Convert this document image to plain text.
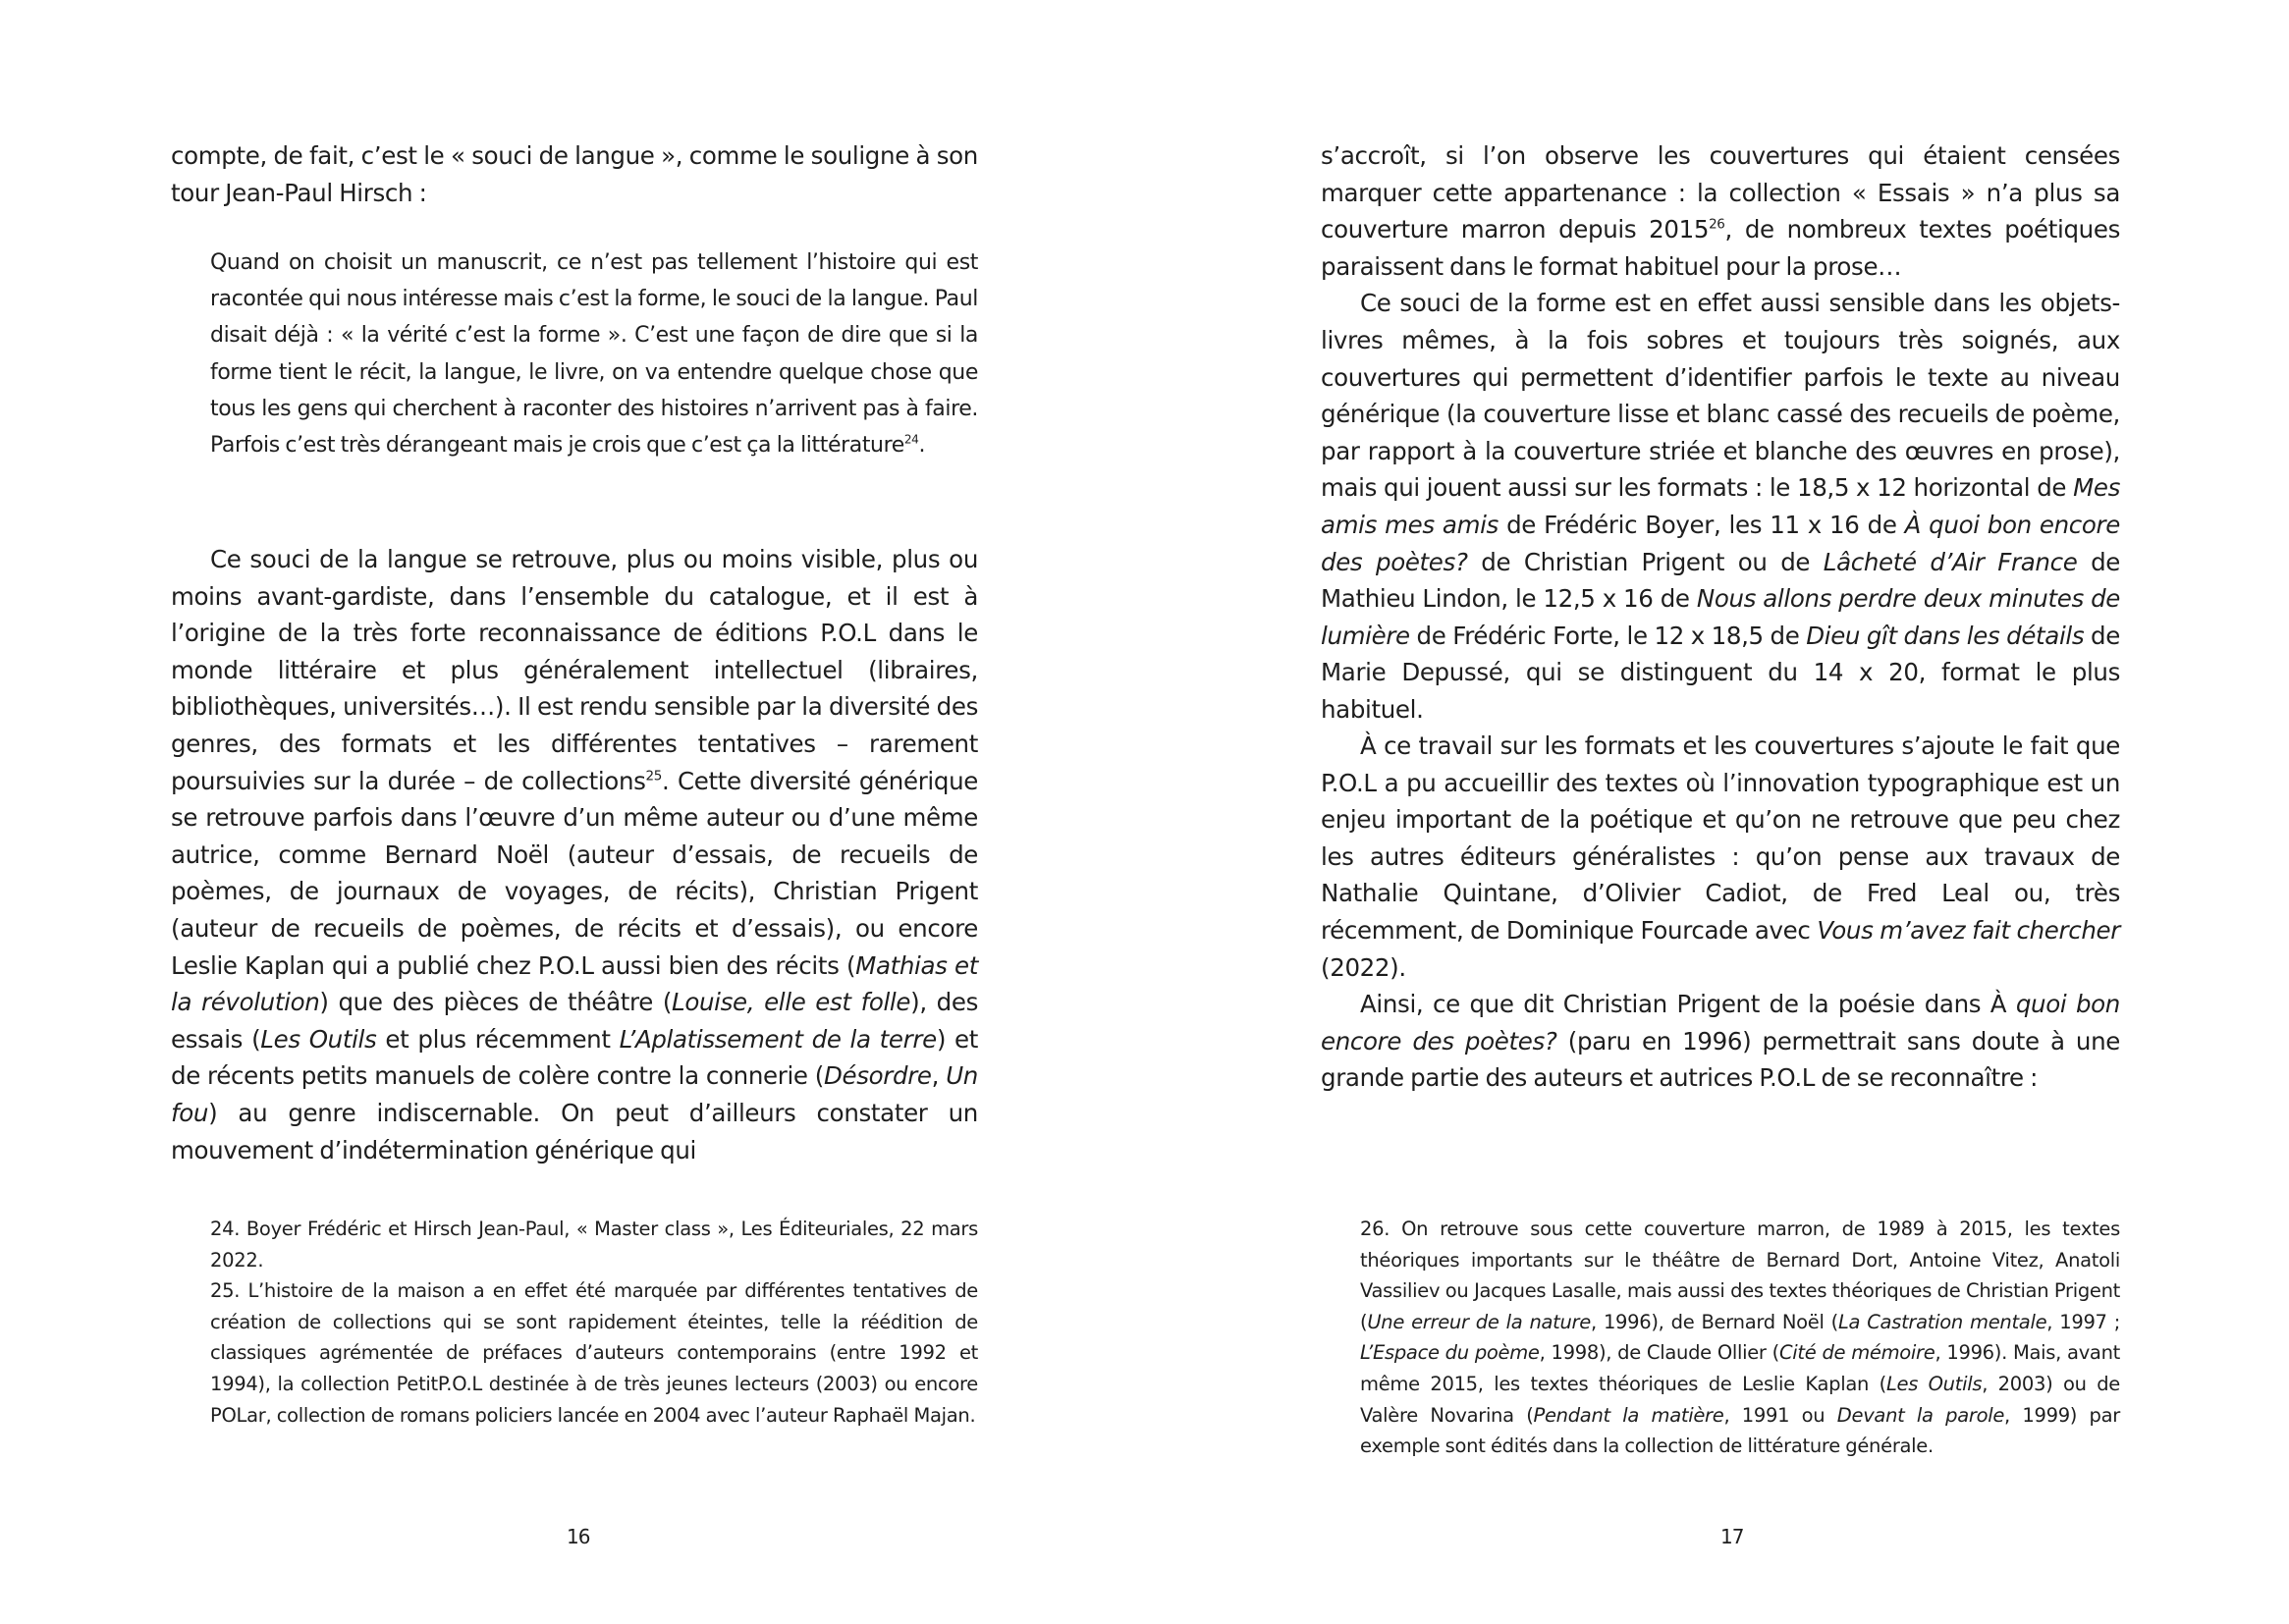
compte, de fait, c’est le « souci de langue », comme le souligne à son tour Jean-Paul Hirsch :

Quand on choisit un manuscrit, ce n’est pas tellement l’histoire qui est racontée qui nous intéresse mais c’est la forme, le souci de la langue. Paul disait déjà : « la vérité c’est la forme ». C’est une façon de dire que si la forme tient le récit, la langue, le livre, on va entendre quelque chose que tous les gens qui cherchent à raconter des histoires n’arrivent pas à faire. Parfois c’est très dérangeant mais je crois que c’est ça la littérature$^{24}$.

Ce souci de la langue se retrouve, plus ou moins visible, plus ou moins avant-gardiste, dans l’ensemble du catalogue, et il est à l’origine de la très forte reconnaissance de éditions P.O.L dans le monde littéraire et plus généralement intellectuel (libraires, bibliothèques, universités…). Il est rendu sensible par la diversité des genres, des formats et les différentes tentatives – rarement poursuivies sur la durée – de collections$^{25}$. Cette diversité générique se retrouve parfois dans l’œuvre d’un même auteur ou d’une même autrice, comme Bernard Noël (auteur d’essais, de recueils de poèmes, de journaux de voyages, de récits), Christian Prigent (auteur de recueils de poèmes, de récits et d’essais), ou encore Leslie Kaplan qui a publié chez P.O.L aussi bien des récits (Mathias et la révolution) que des pièces de théâtre (Louise, elle est folle), des essais (Les Outils et plus récemment L’Aplatissement de la terre) et de récents petits manuels de colère contre la connerie (Désordre, Un fou) au genre indiscernable. On peut d’ailleurs constater un mouvement d’indétermination générique qui

24. Boyer Frédéric et Hirsch Jean-Paul, « Master class », Les Éditeuriales, 22 mars 2022.

25. L’histoire de la maison a en effet été marquée par différentes tentatives de création de collections qui se sont rapidement éteintes, telle la réédition de classiques agrémentée de préfaces d’auteurs contemporains (entre 1992 et 1994), la collection PetitP.O.L destinée à de très jeunes lecteurs (2003) ou encore POLar, collection de romans policiers lancée en 2004 avec l’auteur Raphaël Majan.

16

s’accroît, si l’on observe les couvertures qui étaient censées marquer cette appartenance : la collection « Essais » n’a plus sa couverture marron depuis 2015$^{26}$, de nombreux textes poétiques paraissent dans le format habituel pour la prose…

Ce souci de la forme est en effet aussi sensible dans les objets-livres mêmes, à la fois sobres et toujours très soignés, aux couvertures qui permettent d’identifier parfois le texte au niveau générique (la couverture lisse et blanc cassé des recueils de poème, par rapport à la couverture striée et blanche des œuvres en prose), mais qui jouent aussi sur les formats : le 18,5 x 12 horizontal de Mes amis mes amis de Frédéric Boyer, les 11 x 16 de À quoi bon encore des poètes? de Christian Prigent ou de Lâcheté d’Air France de Mathieu Lindon, le 12,5 x 16 de Nous allons perdre deux minutes de lumière de Frédéric Forte, le 12 x 18,5 de Dieu gît dans les détails de Marie Depussé, qui se distinguent du 14 x 20, format le plus habituel.

À ce travail sur les formats et les couvertures s’ajoute le fait que P.O.L a pu accueillir des textes où l’innovation typographique est un enjeu important de la poétique et qu’on ne retrouve que peu chez les autres éditeurs généralistes : qu’on pense aux travaux de Nathalie Quintane, d’Olivier Cadiot, de Fred Leal ou, très récemment, de Dominique Fourcade avec Vous m’avez fait chercher (2022).

Ainsi, ce que dit Christian Prigent de la poésie dans À quoi bon encore des poètes? (paru en 1996) permettrait sans doute à une grande partie des auteurs et autrices P.O.L de se reconnaître :

26. On retrouve sous cette couverture marron, de 1989 à 2015, les textes théoriques importants sur le théâtre de Bernard Dort, Antoine Vitez, Anatoli Vassiliev ou Jacques Lasalle, mais aussi des textes théoriques de Christian Prigent (Une erreur de la nature, 1996), de Bernard Noël (La Castration mentale, 1997 ; L’Espace du poème, 1998), de Claude Ollier (Cité de mémoire, 1996). Mais, avant même 2015, les textes théoriques de Leslie Kaplan (Les Outils, 2003) ou de Valère Novarina (Pendant la matière, 1991 ou Devant la parole, 1999) par exemple sont édités dans la collection de littérature générale.

17
